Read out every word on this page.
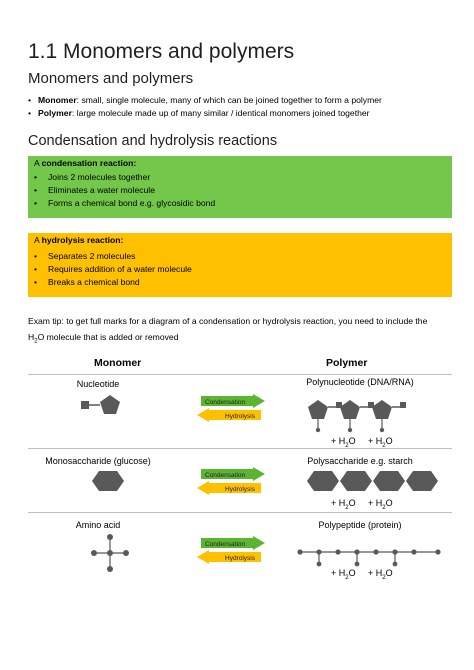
1.1 Monomers and polymers
Monomers and polymers
• Monomer: small, single molecule, many of which can be joined together to form a polymer
• Polymer: large molecule made up of many similar / identical monomers joined together
Condensation and hydrolysis reactions
A condensation reaction:
• Joins 2 molecules together
• Eliminates a water molecule
• Forms a chemical bond e.g. glycosidic bond
A hydrolysis reaction:
• Separates 2 molecules
• Requires addition of a water molecule
• Breaks a chemical bond
Exam tip: to get full marks for a diagram of a condensation or hydrolysis reaction, you need to include the
$H_2O$ molecule that is added or removed
Monomer	Polymer
Nucleotide	Polynucleotide (DNA/RNA)
Condensation
Hydrolysis
+ $H_2O + H_2O$
Monosaccharide (glucose)	Polysaccharide e.g. starch
Condensation
Hydrolysis
+ $H_2O + H_2O$
Amino acid	Polypeptide (protein)
Condensation
Hydrolysis
+ $H_2O + H_2O$
